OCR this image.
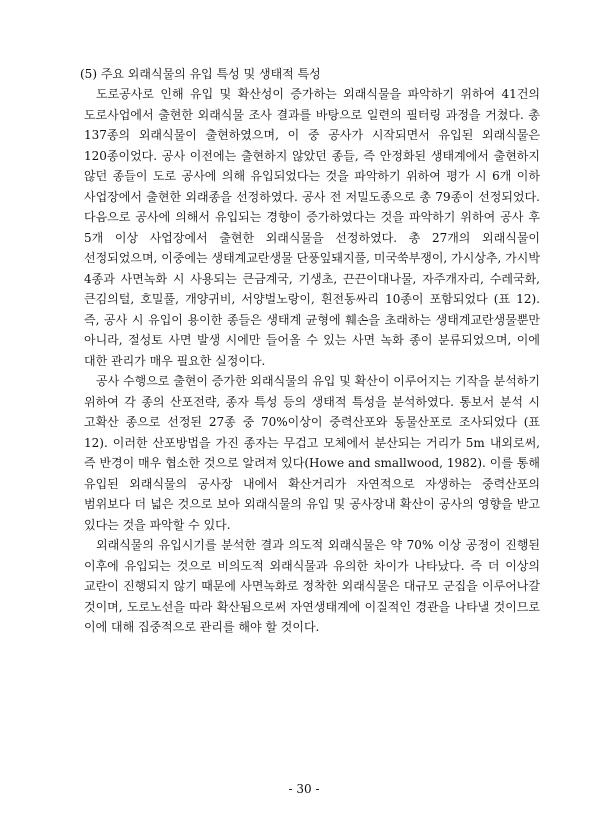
(5) 주요 외래식물의 유입 특성 및 생태적 특성

도로공사로 인해 유입 및 확산성이 증가하는 외래식물을 파악하기 위하여 41건의 도로사업에서 출현한 외래식물 조사 결과를 바탕으로 일련의 필터링 과정을 거쳤다. 총 137종의 외래식물이 출현하였으며, 이 중 공사가 시작되면서 유입된 외래식물은 120종이었다. 공사 이전에는 출현하지 않았던 종들, 즉 안정화된 생태계에서 출현하지 않던 종들이 도로 공사에 의해 유입되었다는 것을 파악하기 위하여 평가 시 6개 이하 사업장에서 출현한 외래종을 선정하였다. 공사 전 저밀도종으로 총 79종이 선정되었다. 다음으로 공사에 의해서 유입되는 경향이 증가하였다는 것을 파악하기 위하여 공사 후 5개 이상 사업장에서 출현한 외래식물을 선정하였다. 총 27개의 외래식물이 선정되었으며, 이중에는 생태계교란생물 단풍잎돼지풀, 미국쑥부쟁이, 가시상추, 가시박 4종과 사면녹화 시 사용되는 큰금계국, 기생초, 끈끈이대나물, 자주개자리, 수레국화, 큰김의털, 호밀풀, 개양귀비, 서양벌노랑이, 흰전동싸리 10종이 포함되었다 (표 12). 즉, 공사 시 유입이 용이한 종들은 생태계 균형에 훼손을 초래하는 생태계교란생물뿐만 아니라, 절성토 사면 발생 시에만 들어올 수 있는 사면 녹화 종이 분류되었으며, 이에 대한 관리가 매우 필요한 실정이다.

공사 수행으로 출현이 증가한 외래식물의 유입 및 확산이 이루어지는 기작을 분석하기 위하여 각 종의 산포전략, 종자 특성 등의 생태적 특성을 분석하였다. 통보서 분석 시 고확산 종으로 선정된 27종 중 70%이상이 중력산포와 동물산포로 조사되었다 (표 12). 이러한 산포방법을 가진 종자는 무겁고 모체에서 분산되는 거리가 5m 내외로써, 즉 반경이 매우 협소한 것으로 알려져 있다(Howe and smallwood, 1982). 이를 통해 유입된 외래식물의 공사장 내에서 확산거리가 자연적으로 자생하는 중력산포의 범위보다 더 넓은 것으로 보아 외래식물의 유입 및 공사장내 확산이 공사의 영향을 받고 있다는 것을 파악할 수 있다.

외래식물의 유입시기를 분석한 결과 의도적 외래식물은 약 70% 이상 공정이 진행된 이후에 유입되는 것으로 비의도적 외래식물과 유의한 차이가 나타났다. 즉 더 이상의 교란이 진행되지 않기 때문에 사면녹화로 정착한 외래식물은 대규모 군집을 이루어나갈 것이며, 도로노선을 따라 확산됨으로써 자연생태계에 이질적인 경관을 나타낼 것이므로 이에 대해 집중적으로 관리를 해야 할 것이다.

- 30 -
